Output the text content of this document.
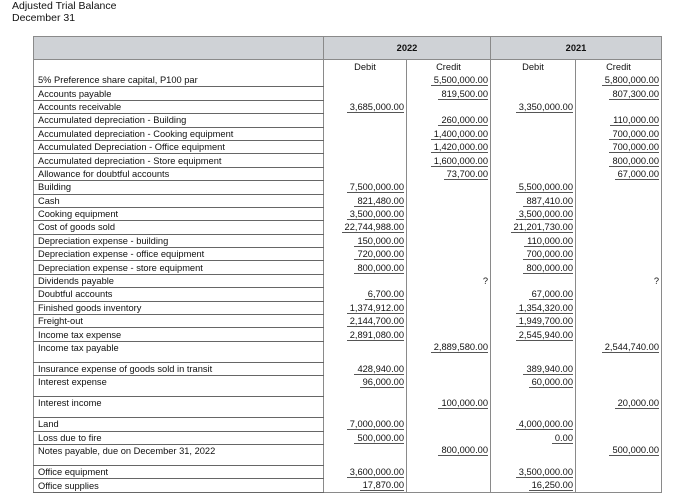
Adjusted Trial Balance
December 31
	2022		2021	
	Debit	Credit	Debit	Credit
5% Preference share capital, P100 par		5,500,000.00		5,800,000.00
Accounts payable		819,500.00		807,300.00
Accounts receivable	3,685,000.00		3,350,000.00	
Accumulated depreciation - Building		260,000.00		110,000.00
Accumulated depreciation - Cooking equipment		1,400,000.00		700,000.00
Accumulated Depreciation - Office equipment		1,420,000.00		700,000.00
Accumulated depreciation - Store equipment		1,600,000.00		800,000.00
Allowance for doubtful accounts		73,700.00		67,000.00
Building	7,500,000.00		5,500,000.00	
Cash	821,480.00		887,410.00	
Cooking equipment	3,500,000.00		3,500,000.00	
Cost of goods sold	22,744,988.00		21,201,730.00	
Depreciation expense - building	150,000.00		110,000.00	
Depreciation expense - office equipment	720,000.00		700,000.00	
Depreciation expense - store equipment	800,000.00		800,000.00	
Dividends payable		?		?
Doubtful accounts	6,700.00		67,000.00	
Finished goods inventory	1,374,912.00		1,354,320.00	
Freight-out	2,144,700.00		1,949,700.00	
Income tax expense	2,891,080.00		2,545,940.00	
Income tax payable		2,889,580.00		2,544,740.00
Insurance expense of goods sold in transit	428,940.00		389,940.00	
Interest expense	96,000.00		60,000.00	
Interest income		100,000.00		20,000.00
Land	7,000,000.00		4,000,000.00	
Loss due to fire	500,000.00		0.00	
Notes payable, due on December 31, 2022		800,000.00		500,000.00
Office equipment	3,600,000.00		3,500,000.00	
Office supplies	17,870.00		16,250.00	
